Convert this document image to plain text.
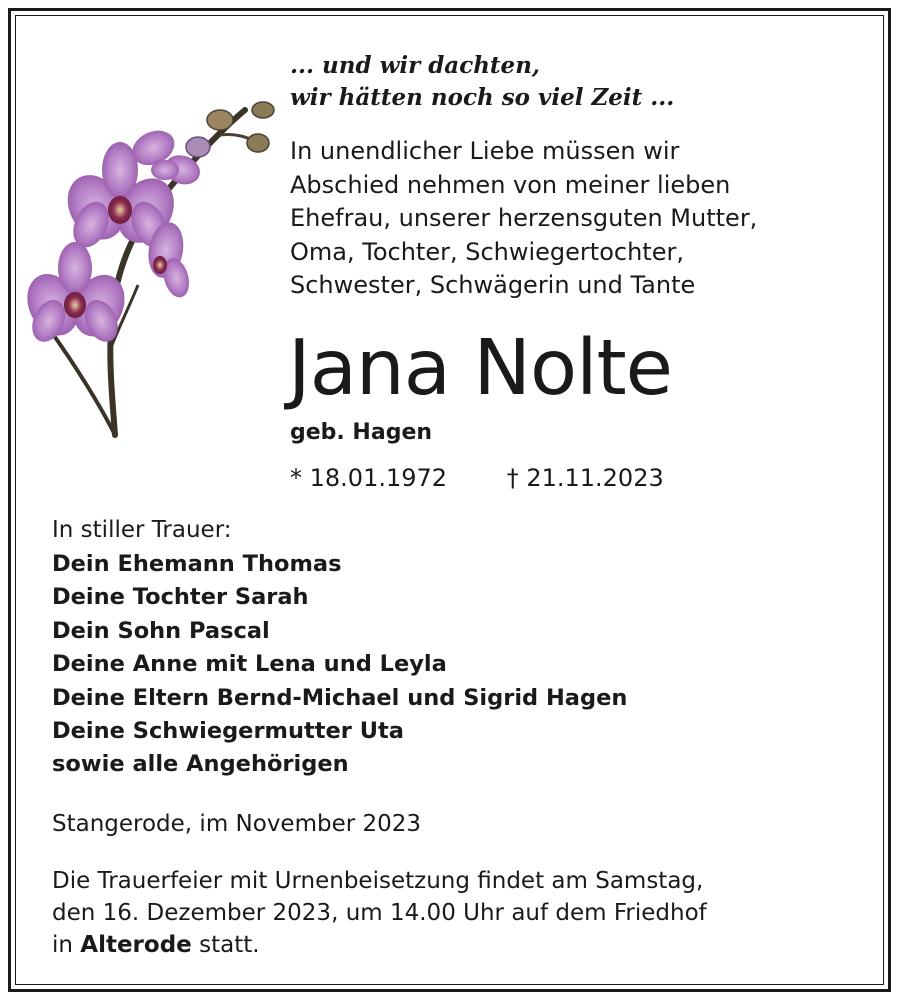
... und wir dachten,
wir hätten noch so viel Zeit ...
In unendlicher Liebe müssen wir
Abschied nehmen von meiner lieben
Ehefrau, unserer herzensguten Mutter,
Oma, Tochter, Schwiegertochter,
Schwester, Schwägerin und Tante
Jana Nolte
geb. Hagen
* 18.01.1972 † 21.11.2023
In stiller Trauer:
Dein Ehemann Thomas
Deine Tochter Sarah
Dein Sohn Pascal
Deine Anne mit Lena und Leyla
Deine Eltern Bernd-Michael und Sigrid Hagen
Deine Schwiegermutter Uta
sowie alle Angehörigen
Stangerode, im November 2023
Die Trauerfeier mit Urnenbeisetzung findet am Samstag,
den 16. Dezember 2023, um 14.00 Uhr auf dem Friedhof
in Alterode statt.
